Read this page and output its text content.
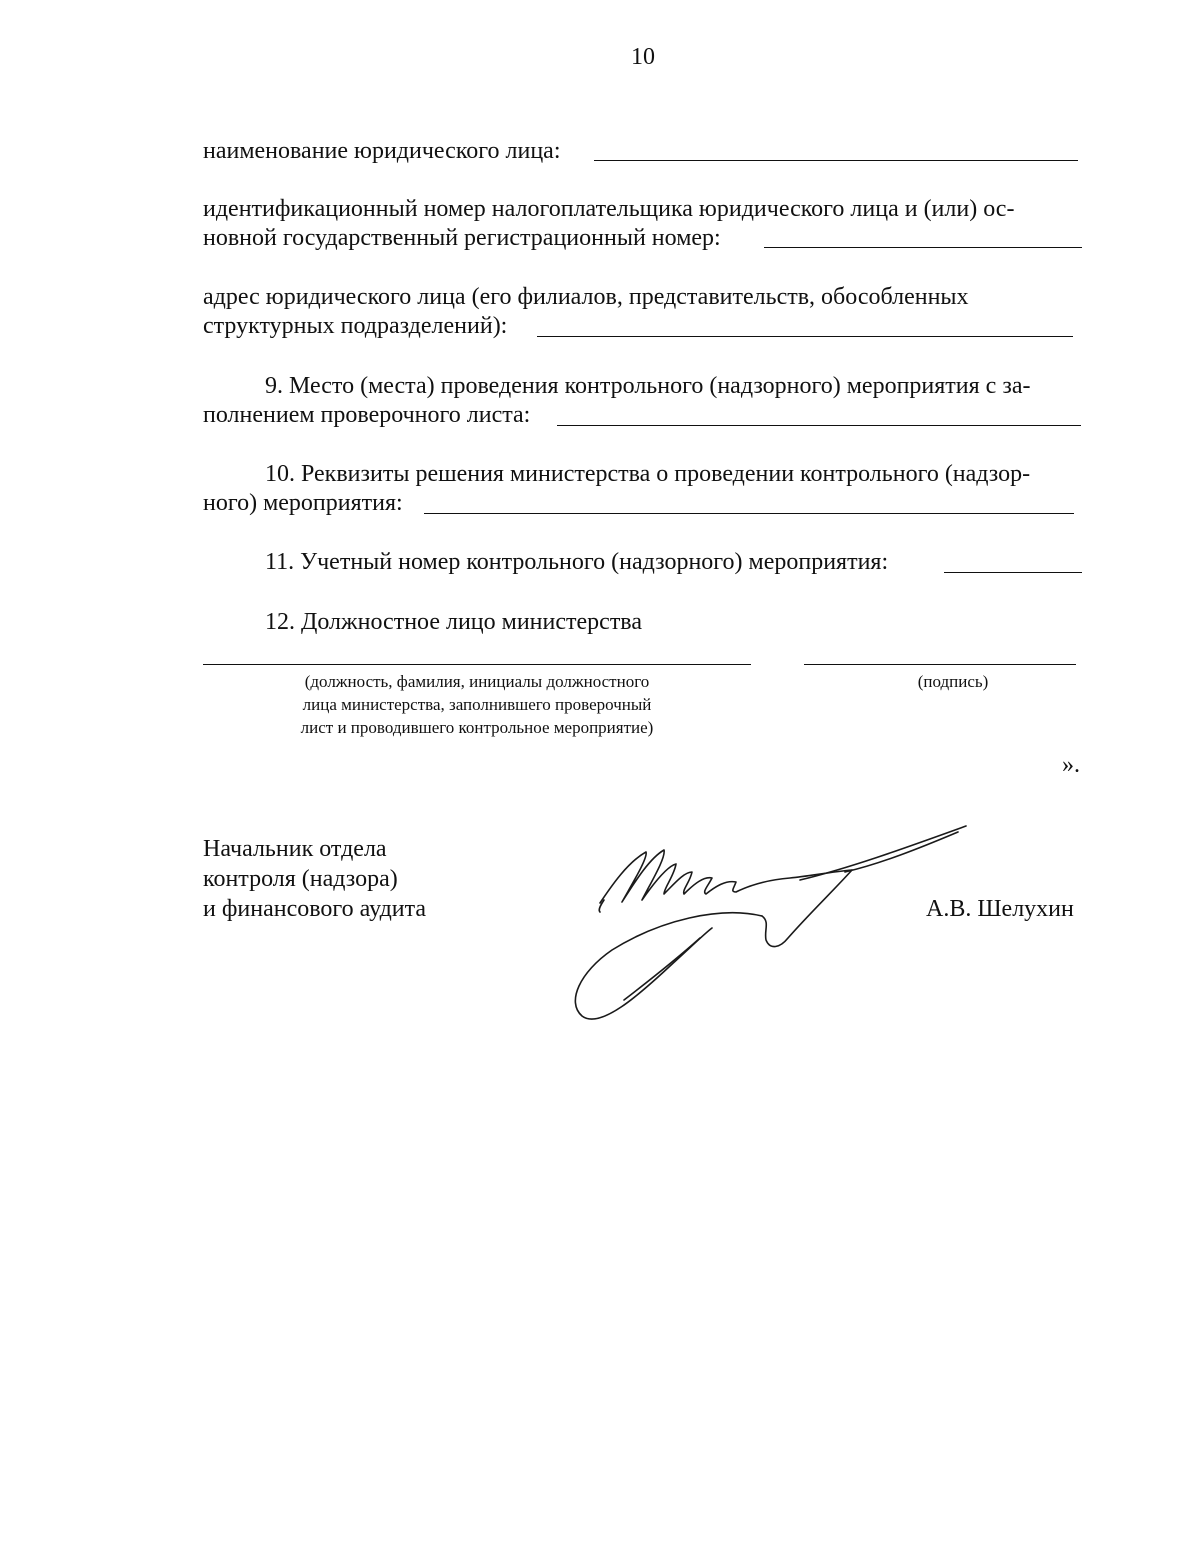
10
наименование юридического лица:
идентификационный номер налогоплательщика юридического лица и (или) ос-
новной государственный регистрационный номер:
адрес юридического лица (его филиалов, представительств, обособленных
структурных подразделений):
9. Место (места) проведения контрольного (надзорного) мероприятия с за-
полнением проверочного листа:
10. Реквизиты решения министерства о проведении контрольного (надзор-
ного) мероприятия:
11. Учетный номер контрольного (надзорного) мероприятия:
12. Должностное лицо министерства
(должность, фамилия, инициалы должностного
лица министерства, заполнившего проверочный
лист и проводившего контрольное мероприятие)
(подпись)
».
Начальник отдела
контроля (надзора)
и финансового аудита	А.В. Шелухин
